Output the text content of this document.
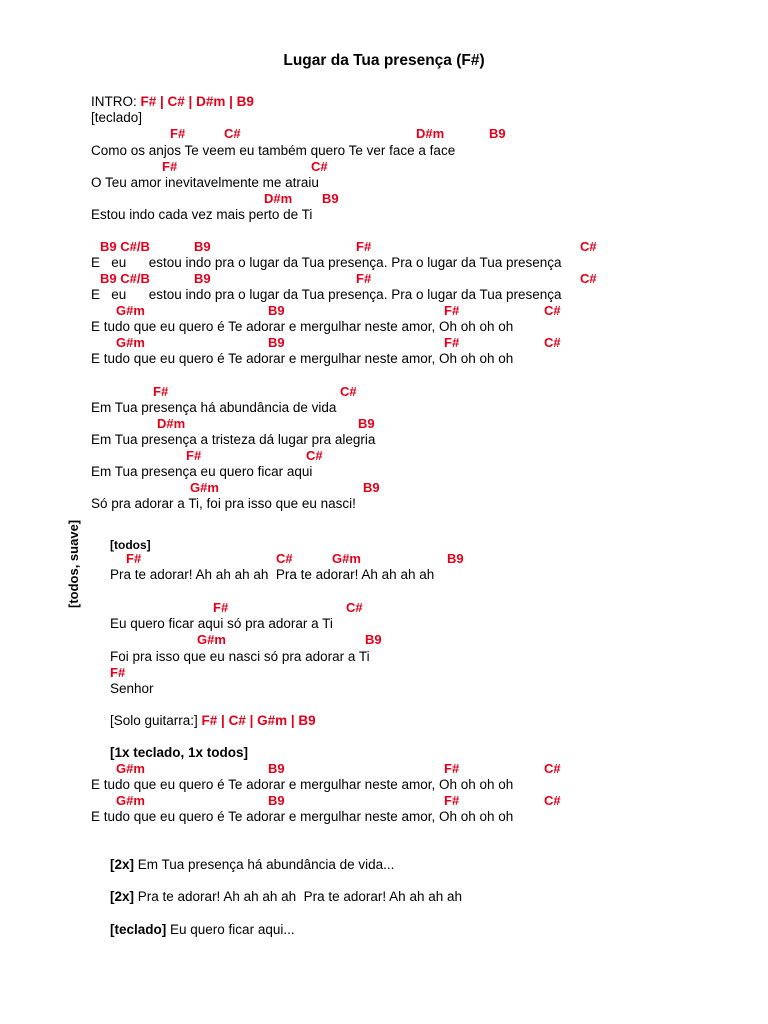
Lugar da Tua presença (F#)
INTRO: F# | C# | D#m | B9
[teclado]
F#	C#	D#m	B9
Como os anjos Te veem eu também quero Te ver face a face
F#	C#
O Teu amor inevitavelmente me atraiu
D#m B9
Estou indo cada vez mais perto de Ti
B9 C#/B	B9	F#	C#
E   eu      estou indo pra o lugar da Tua presença. Pra o lugar da Tua presença
B9 C#/B	B9	F#	C#
E   eu      estou indo pra o lugar da Tua presença. Pra o lugar da Tua presença
G#m	B9	F#	C#
E tudo que eu quero é Te adorar e mergulhar neste amor, Oh oh oh oh
G#m	B9	F#	C#
E tudo que eu quero é Te adorar e mergulhar neste amor, Oh oh oh oh
[todos, suave]
F#	C#
Em Tua presença há abundância de vida
D#m	B9
Em Tua presença a tristeza dá lugar pra alegria
F#	C#
Em Tua presença eu quero ficar aqui
G#m	B9
Só pra adorar a Ti, foi pra isso que eu nasci!
[todos]
F#	C#	G#m	B9
Pra te adorar! Ah ah ah ah  Pra te adorar! Ah ah ah ah
F#	C#
Eu quero ficar aqui só pra adorar a Ti
G#m	B9
Foi pra isso que eu nasci só pra adorar a Ti
F#
Senhor
[Solo guitarra:] F# | C# | G#m | B9
[1x teclado, 1x todos]
G#m	B9	F#	C#
E tudo que eu quero é Te adorar e mergulhar neste amor, Oh oh oh oh
G#m	B9	F#	C#
E tudo que eu quero é Te adorar e mergulhar neste amor, Oh oh oh oh
[2x] Em Tua presença há abundância de vida...
[2x] Pra te adorar! Ah ah ah ah  Pra te adorar! Ah ah ah ah
[teclado] Eu quero ficar aqui...
